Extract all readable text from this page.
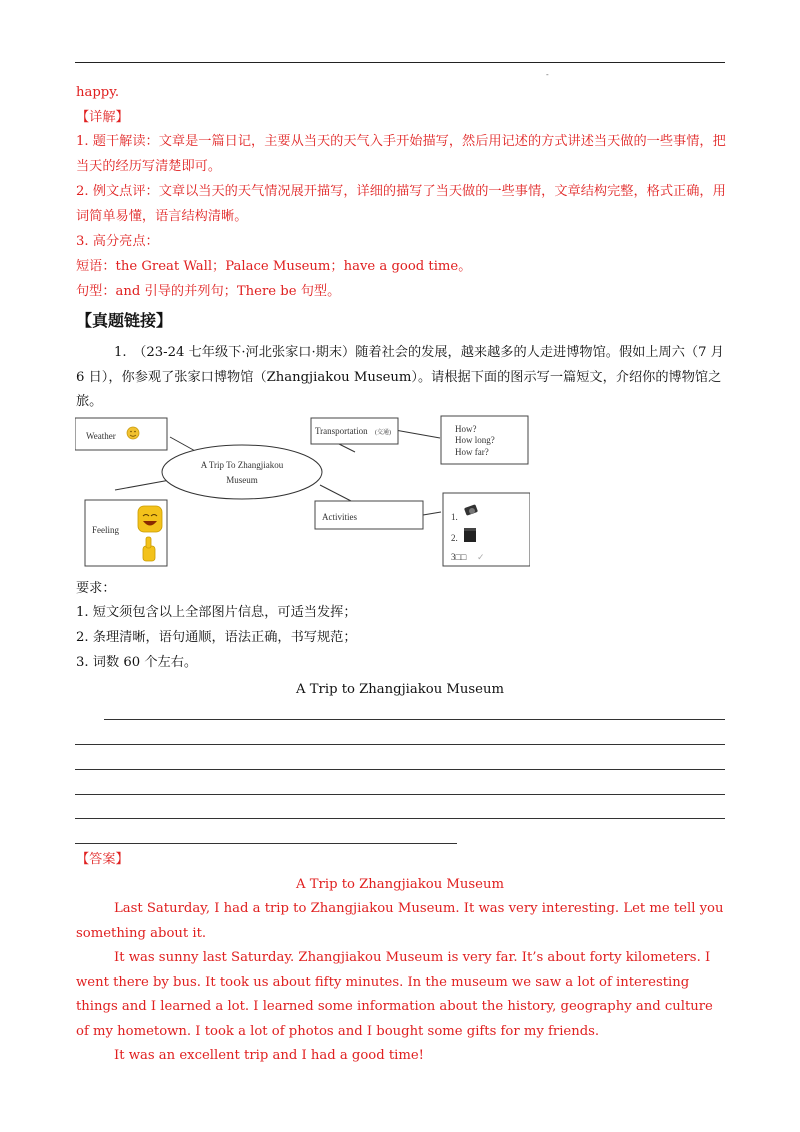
-
happy.
【详解】
1. 题干解读：文章是一篇日记，主要从当天的天气入手开始描写，然后用记述的方式讲述当天做的一些事情，把当天的经历写清楚即可。
2. 例文点评：文章以当天的天气情况展开描写，详细的描写了当天做的一些事情，文章结构完整，格式正确，用词简单易懂，语言结构清晰。
3. 高分亮点：
短语：the Great Wall；Palace Museum；have a good time。
句型：and 引导的并列句；There be 句型。
【真题链接】
1.　（23-24 七年级下·河北张家口·期末）随着社会的发展，越来越多的人走进博物馆。假如上周六（7 月 6 日），你参观了张家口博物馆（Zhangjiakou Museum）。请根据下面的图示写一篇短文，介绍你的博物馆之旅。
Weather	Transportation (交通)	How?
How long?
How far?
A Trip To Zhangjiakou
Museum
Feeling
Activities	1.
2.
3□□ ✓
要求：
1. 短文须包含以上全部图片信息，可适当发挥；
2. 条理清晰，语句通顺，语法正确，书写规范；
3. 词数 60 个左右。
A Trip to Zhangjiakou Museum
【答案】
A Trip to Zhangjiakou Museum
Last Saturday, I had a trip to Zhangjiakou Museum. It was very interesting. Let me tell you something about it.
It was sunny last Saturday. Zhangjiakou Museum is very far. It’s about forty kilometers. I went there by bus. It took us about fifty minutes. In the museum we saw a lot of interesting things and I learned a lot. I learned some information about the history, geography and culture of my hometown. I took a lot of photos and I bought some gifts for my friends.
It was an excellent trip and I had a good time!
